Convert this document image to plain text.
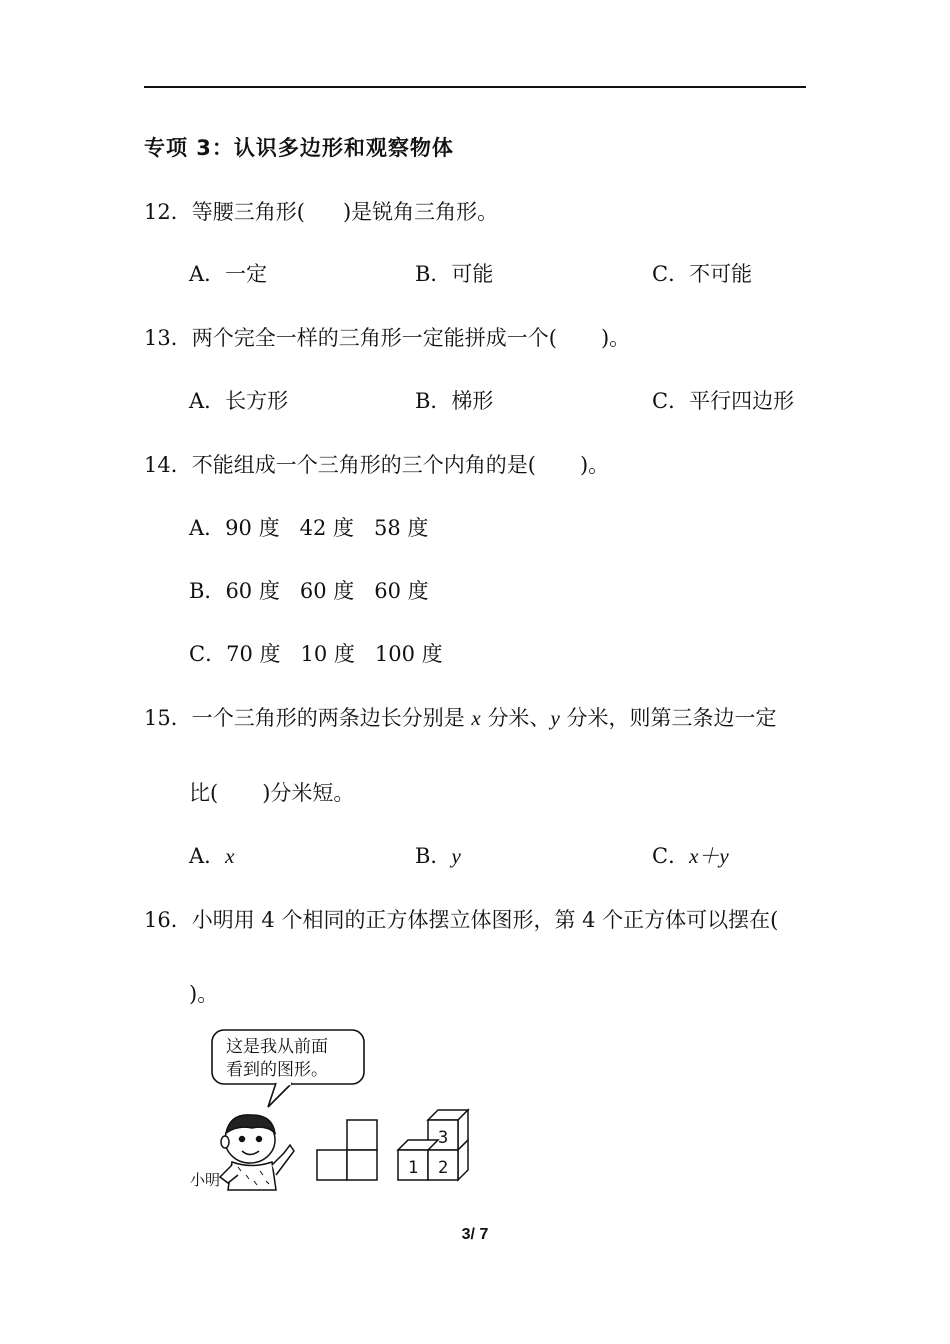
专项 3：认识多边形和观察物体
12．等腰三角形( )是锐角三角形。
A．一定	B．可能	C．不可能
13．两个完全一样的三角形一定能拼成一个( )。
A．长方形	B．梯形	C．平行四边形
14．不能组成一个三角形的三个内角的是( )。
A．90 度 42 度 58 度
B．60 度 60 度 60 度
C．70 度 10 度 100 度
15．一个三角形的两条边长分别是 x 分米、y 分米，则第三条边一定
比( )分米短。
A．x	B．y	C．x＋y
16．小明用 4 个相同的正方体摆立体图形，第 4 个正方体可以摆在(
)。
这是我从前面
看到的图形。
小明
1 2
3
3/ 7
